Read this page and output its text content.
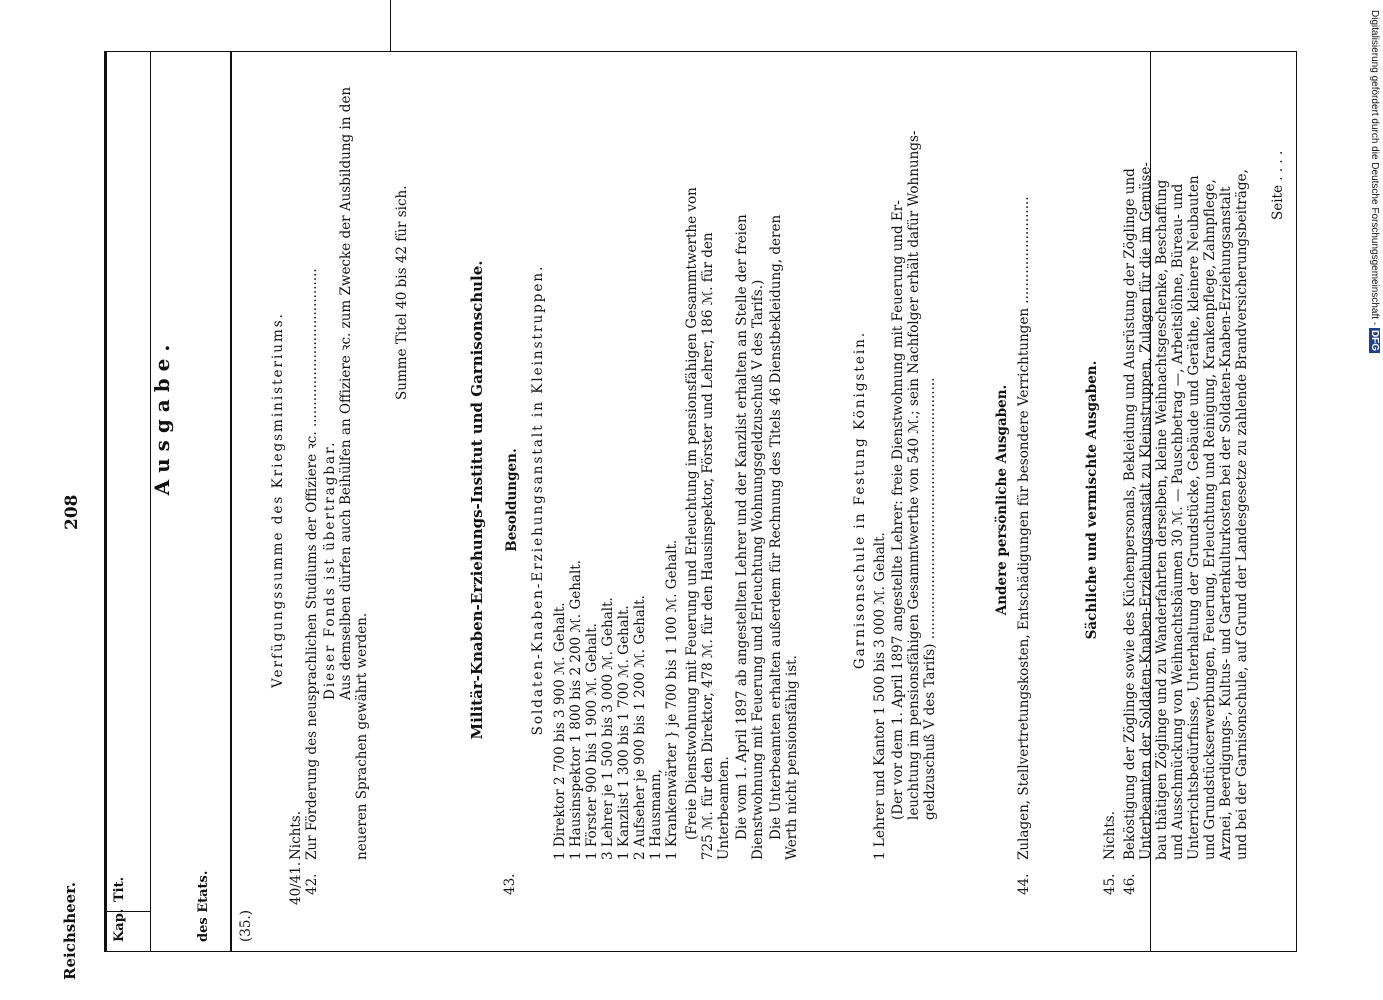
Reichsheer.
208
Kap.
Tit.	des Etats.
A u s g a b e .
(35.)
Verfügungssumme des Kriegsministeriums.
40/41.
Nichts.
42.
Zur Förderung des neusprachlichen Studiums der Offiziere ꝛc. ..................................... Dieser Fonds ist übertragbar. Aus demselben dürfen auch Beihülfen an Offiziere ꝛc. zum Zwecke der Ausbildung in den
neueren Sprachen gewährt werden.
Summe Titel 40 bis 42 für sich.	Militär-Knaben-Erziehungs-Institut und Garnisonschule. Besoldungen. Soldaten-Knaben-Erziehungsanstalt in Kleinstruppen.
43.
1 Direktor 2 700 bis 3 900 ℳ. Gehalt. 1 Hausinspektor 1 800 bis 2 200 ℳ. Gehalt. 1 Förster 900 bis 1 900 ℳ. Gehalt. 3 Lehrer je 1 500 bis 3 000 ℳ. Gehalt. 1 Kanzlist 1 300 bis 1 700 ℳ. Gehalt. 2 Aufseher je 900 bis 1 200 ℳ. Gehalt. 1 Hausmann, 1 Krankenwärter } je 700 bis 1 100 ℳ. Gehalt. (Freie Dienstwohnung mit Feuerung und Erleuchtung im pensionsfähigen Gesammtwerthe von 725 ℳ. für den Direktor, 478 ℳ. für den Hausinspektor, Förster und Lehrer, 186 ℳ. für den Unterbeamten. Die vom 1. April 1897 ab angestellten Lehrer und der Kanzlist erhalten an Stelle der freien Dienstwohnung mit Feuerung und Erleuchtung Wohnungsgeldzuschuß V des Tarifs.) Die Unterbeamten erhalten außerdem für Rechnung des Titels 46 Dienstbekleidung, deren Werth nicht pensionsfähig ist.
Garnisonschule in Festung Königstein.
1 Lehrer und Kantor 1 500 bis 3 000 ℳ. Gehalt. (Der vor dem 1. April 1897 angestellte Lehrer: freie Dienstwohnung mit Feuerung und Er- leuchtung im pensionsfähigen Gesammtwerthe von 540 ℳ.; sein Nachfolger erhält dafür Wohnungs- geldzuschuß V des Tarifs) .............................................................	Andere persönliche Ausgaben.
44.
Zulagen, Stellvertretungskosten, Entschädigungen für besondere Verrichtungen .........................	Sächliche und vermischte Ausgaben.
45.
Nichts.
46.
Beköstigung der Zöglinge sowie des Küchenpersonals, Bekleidung und Ausrüstung der Zöglinge und Unterbeamten der Soldaten-Knaben-Erziehungsanstalt zu Kleinstruppen, Zulagen für die im Gemüse- bau thätigen Zöglinge und zu Wanderfahrten derselben, kleine Weihnachtsgeschenke, Beschaffung und Ausschmückung von Weihnachtsbäumen 30 ℳ. — Pauschbetrag —, Arbeitslöhne, Büreau- und Unterrichtsbedürfnisse, Unterhaltung der Grundstücke, Gebäude und Geräthe, kleinere Neubauten und Grundstückserwerbungen, Feuerung, Erleuchtung und Reinigung, Krankenpflege, Zahnpflege, Arznei, Beerdigungs-, Kultus- und Gartenkulturkosten bei der Soldaten-Knaben-Erziehungsanstalt und bei der Garnisonschule, auf Grund der Landesgesetze zu zahlende Brandversicherungsbeiträge, Seite . . . .	Digitalisierung gefördert durch die Deutsche Forschungsgemeinschaft - DFG
